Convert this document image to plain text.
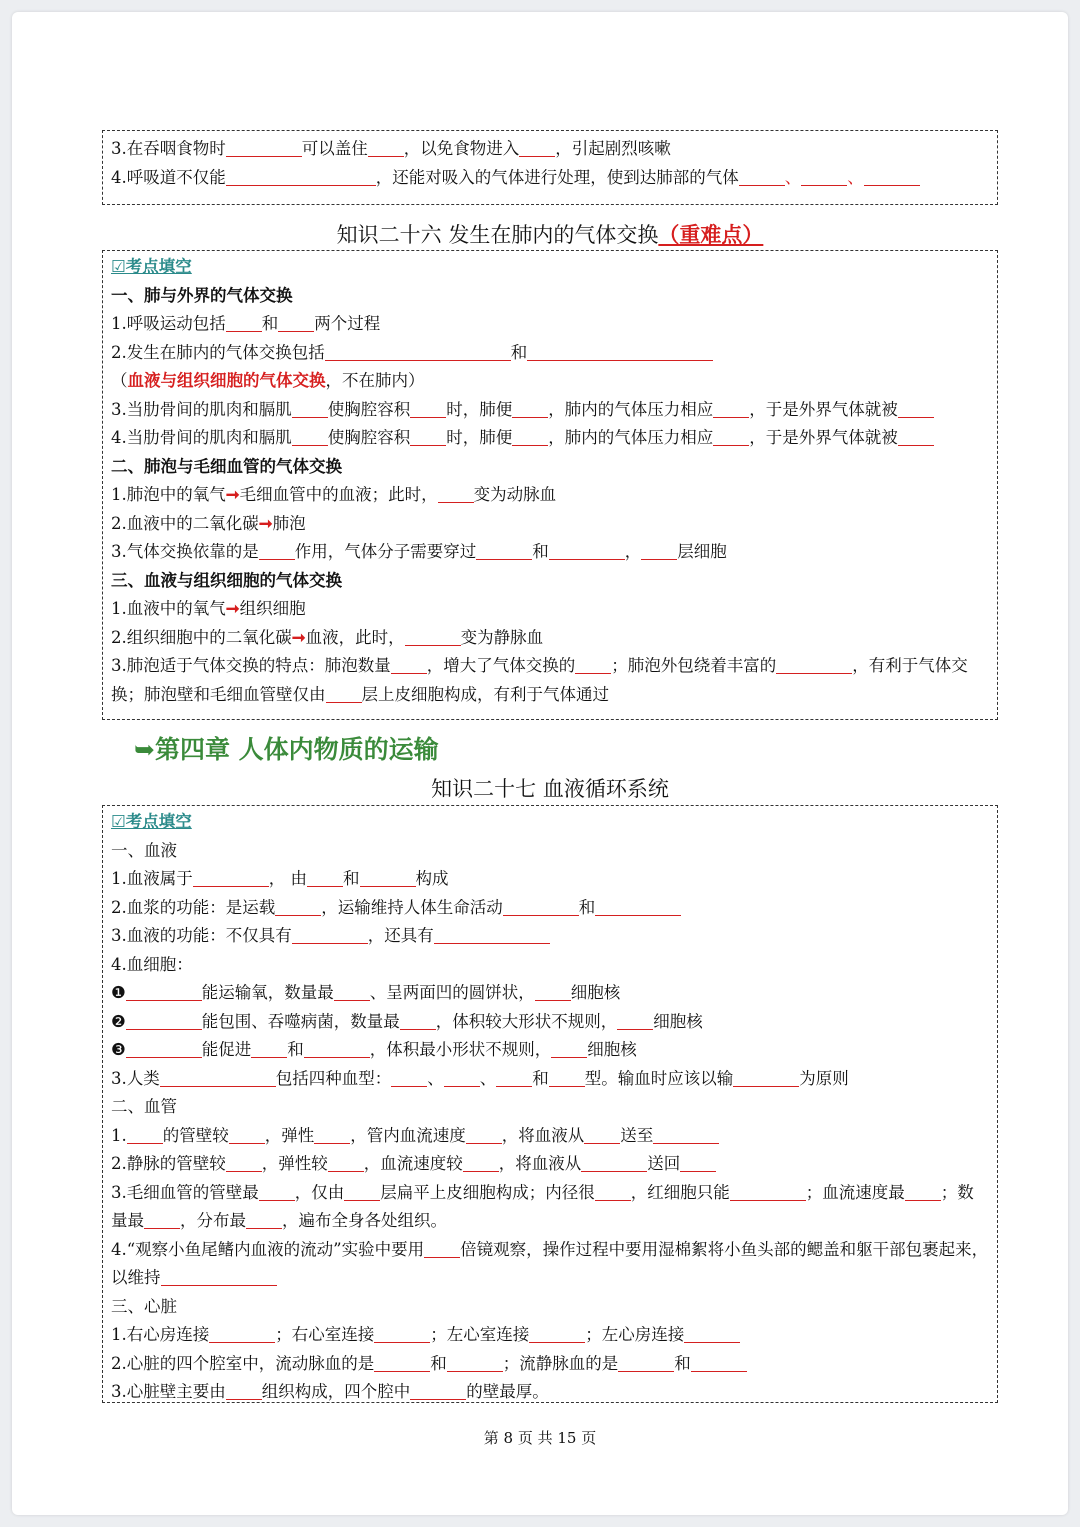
3.在吞咽食物时	可以盖住 ，以免食物进入 ，引起剧烈咳嗽
4.呼吸道不仅能	，还能对吸入的气体进行处理，使到达肺部的气体	、	、
知识二十六 发生在肺内的气体交换（重难点）
☑考点填空
一、肺与外界的气体交换
1.呼吸运动包括 和 两个过程
2.发生在肺内的气体交换包括	和
（血液与组织细胞的气体交换，不在肺内）
3.当肋骨间的肌肉和膈肌 使胸腔容积 时，肺便 ，肺内的气体压力相应 ，于是外界气体就被
4.当肋骨间的肌肉和膈肌 使胸腔容积 时，肺便 ，肺内的气体压力相应 ，于是外界气体就被
二、肺泡与毛细血管的气体交换
1.肺泡中的氧气➞毛细血管中的血液；此时， 变为动脉血
2.血液中的二氧化碳➞肺泡
3.气体交换依靠的是 作用，气体分子需要穿过	和	， 层细胞
三、血液与组织细胞的气体交换
1.血液中的氧气➞组织细胞
2.组织细胞中的二氧化碳➞血液，此时，	变为静脉血
3.肺泡适于气体交换的特点：肺泡数量 ，增大了气体交换的 ；肺泡外包绕着丰富的	，有利于气体交换；肺泡壁和毛细血管壁仅由 层上皮细胞构成，有利于气体通过
➥第四章 人体内物质的运输
知识二十七 血液循环系统
☑考点填空
一、血液
1.血液属于	， 由 和	构成
2.血浆的功能：是运载	，运输维持人体生命活动	和
3.血液的功能：不仅具有	，还具有
4.血细胞：
❶	能运输氧，数量最 、呈两面凹的圆饼状， 细胞核
❷	能包围、吞噬病菌，数量最 ，体积较大形状不规则， 细胞核
❸	能促进 和	，体积最小形状不规则， 细胞核
3.人类	包括四种血型： 、 、 和 型。输血时应该以输	为原则
二、血管
1. 的管壁较 ，弹性 ，管内血流速度 ，将血液从 送至
2.静脉的管壁较 ，弹性较 ，血流速度较 ，将血液从	送回
3.毛细血管的管壁最 ，仅由 层扁平上皮细胞构成；内径很 ，红细胞只能	；血流速度最 ；数量最 ，分布最 ，遍布全身各处组织。
4.“观察小鱼尾鳍内血液的流动”实验中要用 倍镜观察，操作过程中要用湿棉絮将小鱼头部的鳃盖和躯干部包裹起来，以维持
三、心脏
1.右心房连接	；右心室连接	；左心室连接	；左心房连接
2.心脏的四个腔室中，流动脉血的是	和	；流静脉血的是	和
3.心脏壁主要由 组织构成，四个腔中	的壁最厚。
第 8 页 共 15 页
